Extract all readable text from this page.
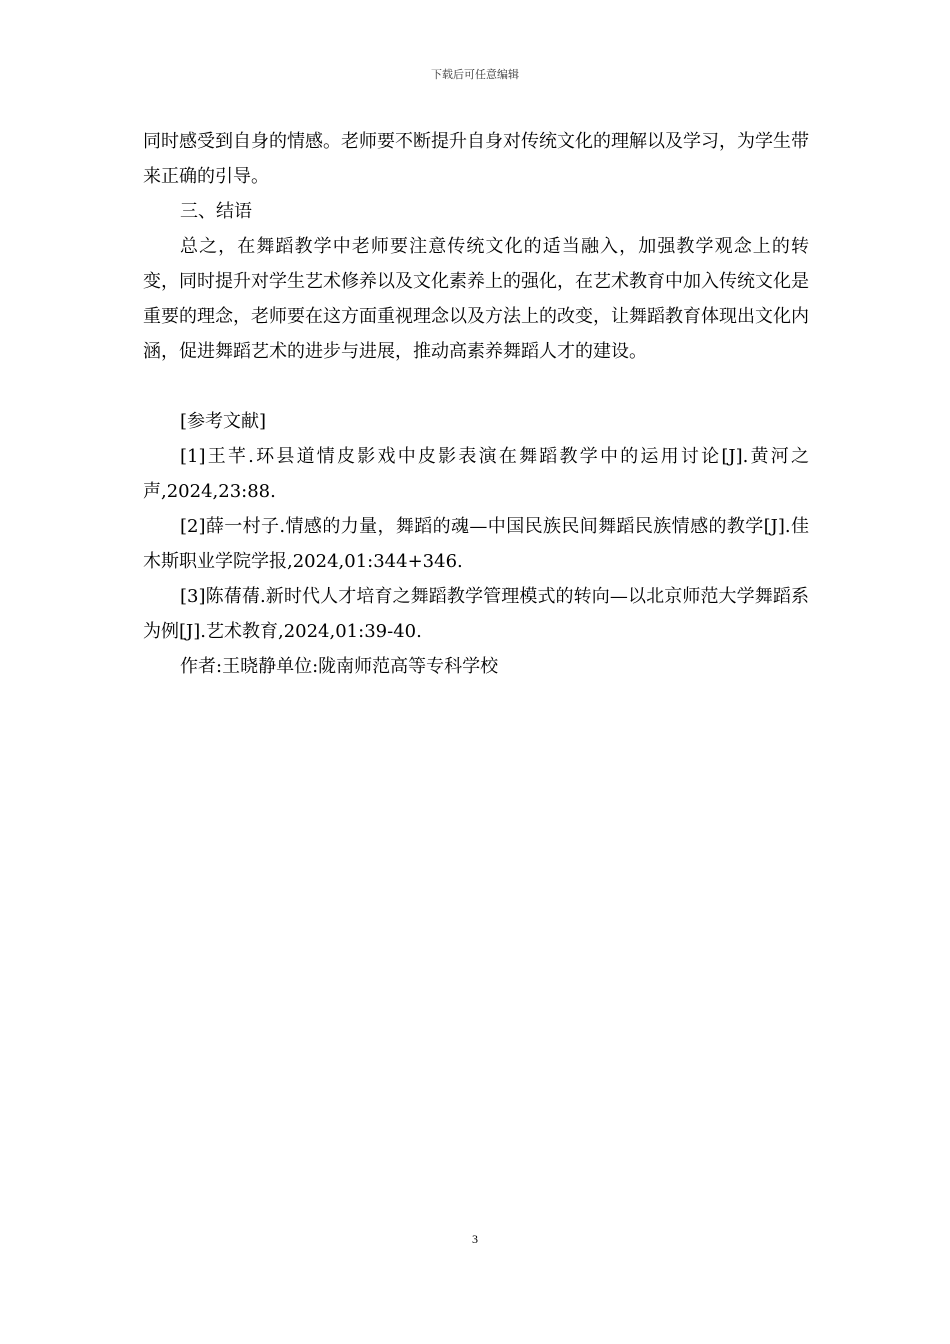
下载后可任意编辑

同时感受到自身的情感。老师要不断提升自身对传统文化的理解以及学习，为学生带来正确的引导。

三、结语

总之，在舞蹈教学中老师要注意传统文化的适当融入，加强教学观念上的转变，同时提升对学生艺术修养以及文化素养上的强化，在艺术教育中加入传统文化是重要的理念，老师要在这方面重视理念以及方法上的改变，让舞蹈教育体现出文化内涵，促进舞蹈艺术的进步与进展，推动高素养舞蹈人才的建设。

[参考文献]

[1]王芊.环县道情皮影戏中皮影表演在舞蹈教学中的运用讨论[J].黄河之声,2024,23:88.

[2]薛一村子.情感的力量，舞蹈的魂—中国民族民间舞蹈民族情感的教学[J].佳木斯职业学院学报,2024,01:344+346.

[3]陈蒨蒨.新时代人才培育之舞蹈教学管理模式的转向—以北京师范大学舞蹈系为例[J].艺术教育,2024,01:39-40.

作者:王晓静单位:陇南师范高等专科学校

3
